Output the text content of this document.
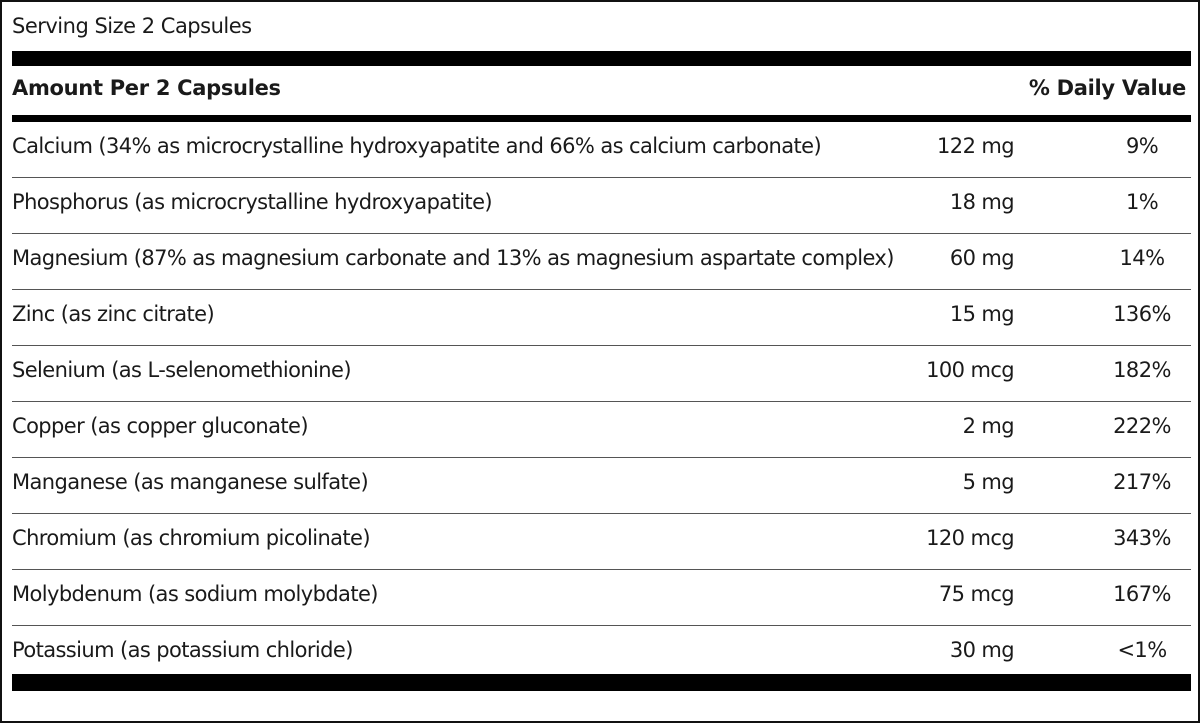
Serving Size 2 Capsules
Amount Per 2 Capsules	% Daily Value
Calcium (34% as microcrystalline hydroxyapatite and 66% as calcium carbonate)	122 mg	9%
Phosphorus (as microcrystalline hydroxyapatite)	18 mg	1%
Magnesium (87% as magnesium carbonate and 13% as magnesium aspartate complex)	60 mg	14%
Zinc (as zinc citrate)	15 mg	136%
Selenium (as L-selenomethionine)	100 mcg	182%
Copper (as copper gluconate)	2 mg	222%
Manganese (as manganese sulfate)	5 mg	217%
Chromium (as chromium picolinate)	120 mcg	343%
Molybdenum (as sodium molybdate)	75 mcg	167%
Potassium (as potassium chloride)	30 mg	<1%
